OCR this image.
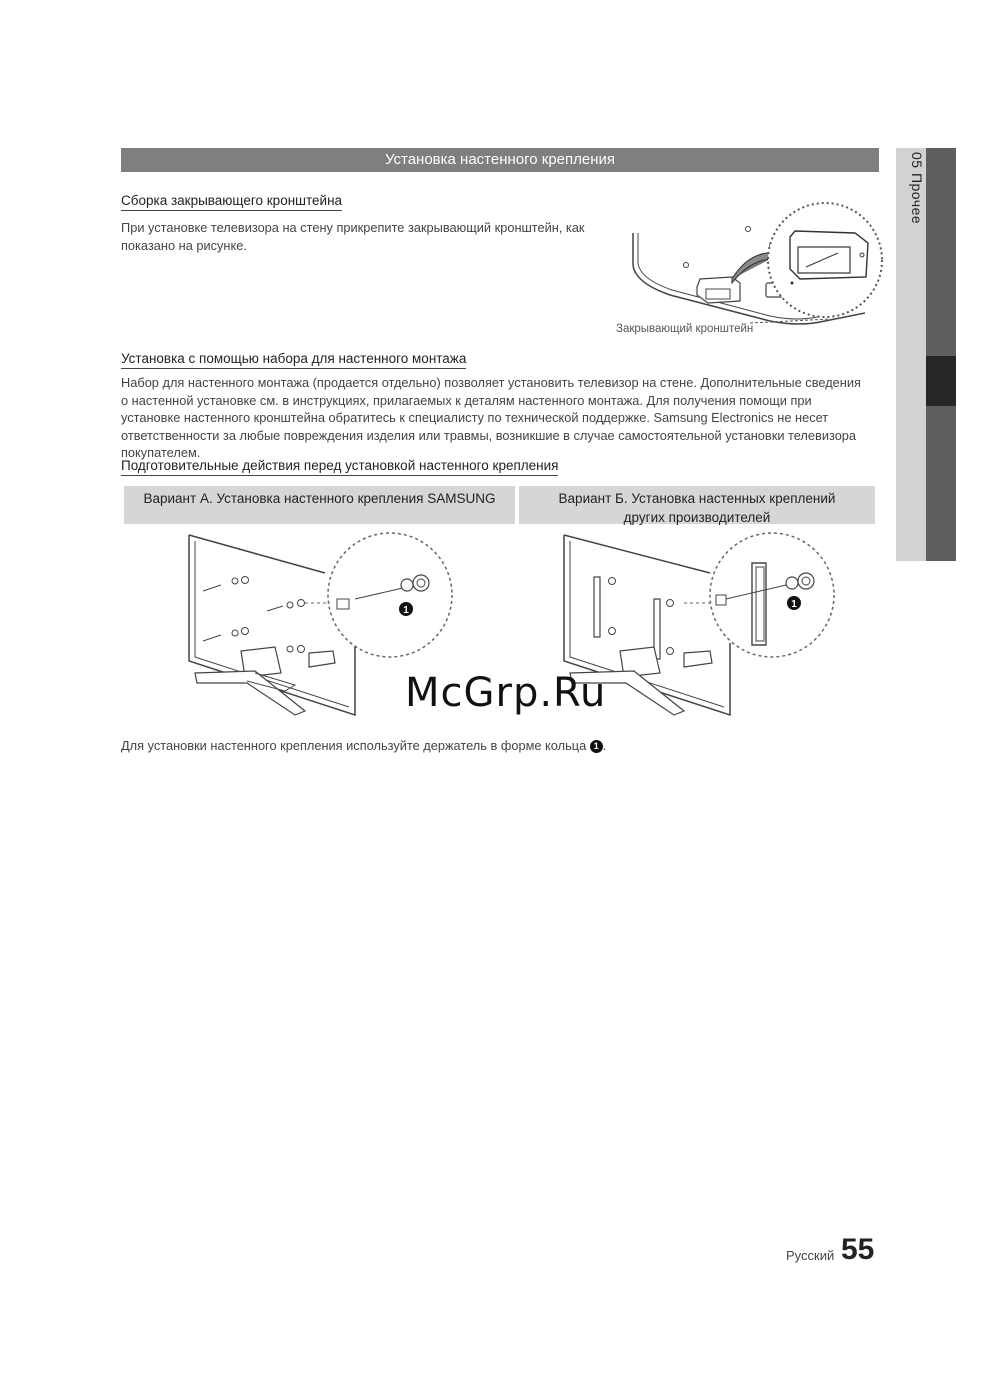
Установка настенного крепления	05 Прочее
Сборка закрывающего кронштейна
При установке телевизора на стену прикрепите закрывающий кронштейн, как показано на рисунке.
Закрывающий кронштейн
Установка с помощью набора для настенного монтажа
Набор для настенного монтажа (продается отдельно) позволяет установить телевизор на стене. Дополнительные сведения о настенной установке см. в инструкциях, прилагаемых к деталям настенного монтажа. Для получения помощи при установке настенного кронштейна обратитесь к специалисту по технической поддержке. Samsung Electronics не несет ответственности за любые повреждения изделия или травмы, возникшие в случае самостоятельной установки телевизора покупателем.
Подготовительные действия перед установкой настенного крепления
Вариант А. Установка настенного крепления SAMSUNG	Вариант Б. Установка настенных креплений других производителей
1
1
McGrp.Ru
Для установки настенного крепления используйте держатель в форме кольца 1 .
Русский 55
